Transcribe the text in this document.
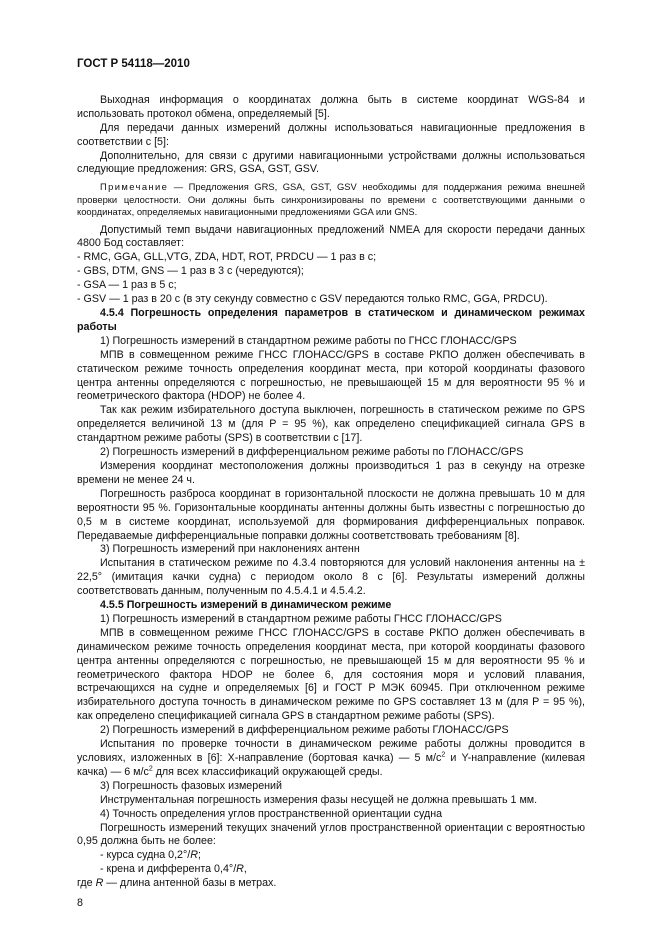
ГОСТ Р 54118—2010

Выходная информация о координатах должна быть в системе координат WGS-84 и использовать протокол обмена, определяемый [5].

Для передачи данных измерений должны использоваться навигационные предложения в соответствии с [5]:

Дополнительно, для связи с другими навигационными устройствами должны использоваться следующие предложения: GRS, GSA, GST, GSV.

Примечание — Предложения GRS, GSA, GST, GSV необходимы для поддержания режима внешней проверки целостности. Они должны быть синхронизированы по времени с соответствующими данными о координатах, определяемых навигационными предложениями GGA или GNS.

Допустимый темп выдачи навигационных предложений NMEA для скорости передачи данных 4800 Бод составляет:

- RMC, GGA, GLL,VTG, ZDA, HDT, ROT, PRDCU — 1 раз в с;

- GBS, DTM, GNS — 1 раз в 3 с (чередуются);

- GSA — 1 раз в 5 с;

- GSV — 1 раз в 20 с (в эту секунду совместно с GSV передаются только RMC, GGA, PRDCU).

4.5.4 Погрешность определения параметров в статическом и динамическом режимах работы

1) Погрешность измерений в стандартном режиме работы по ГНСС ГЛОНАСС/GPS

МПВ в совмещенном режиме ГНСС ГЛОНАСС/GPS в составе РКПО должен обеспечивать в статическом режиме точность определения координат места, при которой координаты фазового центра антенны определяются с погрешностью, не превышающей 15 м для вероятности 95 % и геометрического фактора (HDOP) не более 4.

Так как режим избирательного доступа выключен, погрешность в статическом режиме по GPS определяется величиной 13 м (для P = 95 %), как определено спецификацией сигнала GPS в стандартном режиме работы (SPS) в соответствии с [17].

2) Погрешность измерений в дифференциальном режиме работы по ГЛОНАСС/GPS

Измерения координат местоположения должны производиться 1 раз в секунду на отрезке времени не менее 24 ч.

Погрешность разброса координат в горизонтальной плоскости не должна превышать 10 м для вероятности 95 %. Горизонтальные координаты антенны должны быть известны с погрешностью до 0,5 м в системе координат, используемой для формирования дифференциальных поправок. Передаваемые дифференциальные поправки должны соответствовать требованиям [8].

3) Погрешность измерений при наклонениях антенн

Испытания в статическом режиме по 4.3.4 повторяются для условий наклонения антенны на ± 22,5° (имитация качки судна) с периодом около 8 с [6]. Результаты измерений должны соответствовать данным, полученным по 4.5.4.1 и 4.5.4.2.

4.5.5 Погрешность измерений в динамическом режиме

1) Погрешность измерений в стандартном режиме работы ГНСС ГЛОНАСС/GPS

МПВ в совмещенном режиме ГНСС ГЛОНАСС/GPS в составе РКПО должен обеспечивать в динамическом режиме точность определения координат места, при которой координаты фазового центра антенны определяются с погрешностью, не превышающей 15 м для вероятности 95 % и геометрического фактора HDOP не более 6, для состояния моря и условий плавания, встречающихся на судне и определяемых [6] и ГОСТ Р МЭК 60945. При отключенном режиме избирательного доступа точность в динамическом режиме по GPS составляет 13 м (для P = 95 %), как определено спецификацией сигнала GPS в стандартном режиме работы (SPS).

2) Погрешность измерений в дифференциальном режиме работы ГЛОНАСС/GPS

Испытания по проверке точности в динамическом режиме работы должны проводится в условиях, изложенных в [6]: X-направление (бортовая качка) — 5 $м/с^2$ и Y-направление (килевая качка) — 6 $м/с^2$ для всех классификаций окружающей среды.

3) Погрешность фазовых измерений

Инструментальная погрешность измерения фазы несущей не должна превышать 1 мм.

4) Точность определения углов пространственной ориентации судна

Погрешность измерений текущих значений углов пространственной ориентации с вероятностью 0,95 должна быть не более:

- курса судна 0,2°/R;

- крена и дифферента 0,4°/R,

где R — длина антенной базы в метрах.

8
